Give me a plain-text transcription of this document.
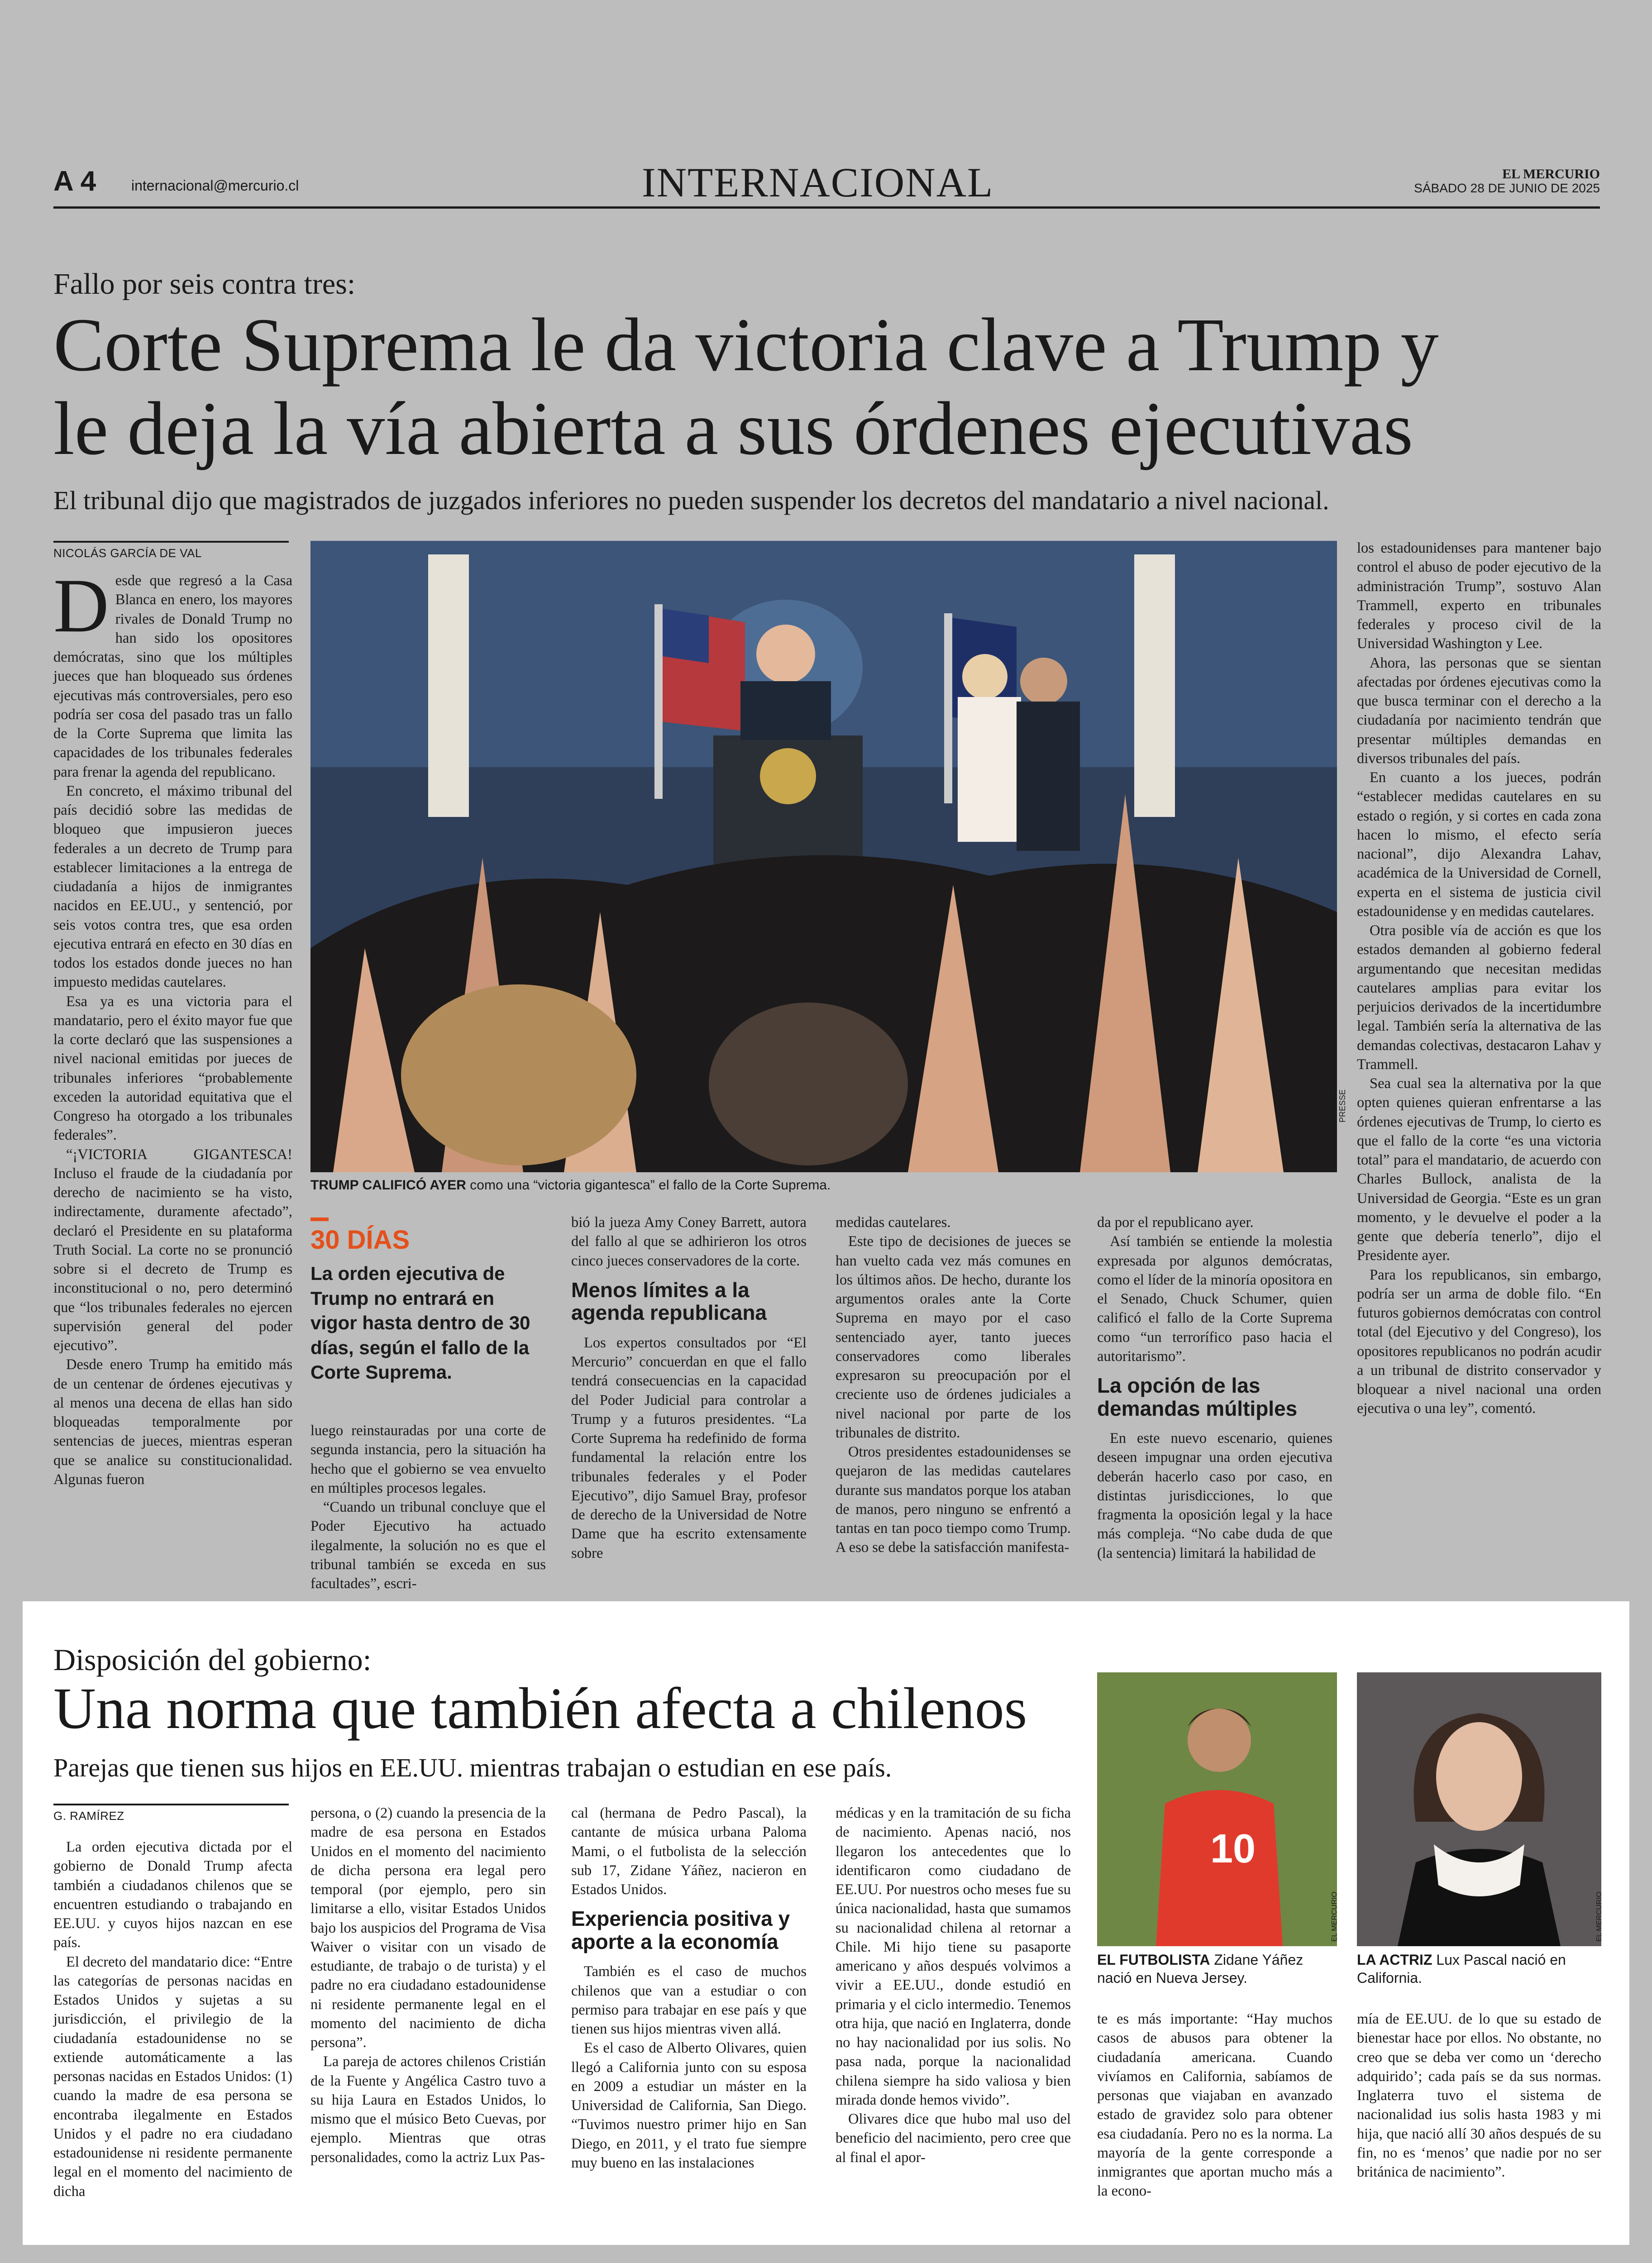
A 4 internacional@mercurio.cl	INTERNACIONAL	EL MERCURIO
SÁBADO 28 DE JUNIO DE 2025
Fallo por seis contra tres:
Corte Suprema le da victoria clave a Trump y
le deja la vía abierta a sus órdenes ejecutivas
El tribunal dijo que magistrados de juzgados inferiores no pueden suspender los decretos del mandatario a nivel nacional.
NICOLÁS GARCÍA DE VAL
FRANCE PRESSE
TRUMP CALIFICÓ AYER como una “victoria gigantesca” el fallo de la Corte Suprema.

Desde que regresó a la Casa Blanca en enero, los mayores rivales de Donald Trump no han sido los opositores demócratas, sino que los múltiples jueces que han bloqueado sus órdenes ejecutivas más controversiales, pero eso podría ser cosa del pasado tras un fallo de la Corte Suprema que limita las capacidades de los tribunales federales para frenar la agenda del republicano.

En concreto, el máximo tribunal del país decidió sobre las medidas de bloqueo que impusieron jueces federales a un decreto de Trump para establecer limitaciones a la entrega de ciudadanía a hijos de inmigrantes nacidos en EE.UU., y sentenció, por seis votos contra tres, que esa orden ejecutiva entrará en efecto en 30 días en todos los estados donde jueces no han impuesto medidas cautelares.

Esa ya es una victoria para el mandatario, pero el éxito mayor fue que la corte declaró que las suspensiones a nivel nacional emitidas por jueces de tribunales inferiores “probablemente exceden la autoridad equitativa que el Congreso ha otorgado a los tribunales federales”.

“¡VICTORIA GIGANTESCA! Incluso el fraude de la ciudadanía por derecho de nacimiento se ha visto, indirectamente, duramente afectado”, declaró el Presidente en su plataforma Truth Social. La corte no se pronunció sobre si el decreto de Trump es inconstitucional o no, pero determinó que “los tribunales federales no ejercen supervisión general del poder ejecutivo”.

Desde enero Trump ha emitido más de un centenar de órdenes ejecutivas y al menos una decena de ellas han sido bloqueadas temporalmente por sentencias de jueces, mientras esperan que se analice su constitucionalidad. Algunas fueron

30 DÍAS
La orden ejecutiva de Trump no entrará en vigor hasta dentro de 30 días, según el fallo de la Corte Suprema.

luego reinstauradas por una corte de segunda instancia, pero la situación ha hecho que el gobierno se vea envuelto en múltiples procesos legales.

“Cuando un tribunal concluye que el Poder Ejecutivo ha actuado ilegalmente, la solución no es que el tribunal también se exceda en sus facultades”, escri-

bió la jueza Amy Coney Barrett, autora del fallo al que se adhirieron los otros cinco jueces conservadores de la corte.

Menos límites a la agenda republicana

Los expertos consultados por “El Mercurio” concuerdan en que el fallo tendrá consecuencias en la capacidad del Poder Judicial para controlar a Trump y a futuros presidentes. “La Corte Suprema ha redefinido de forma fundamental la relación entre los tribunales federales y el Poder Ejecutivo”, dijo Samuel Bray, profesor de derecho de la Universidad de Notre Dame que ha escrito extensamente sobre

medidas cautelares.

Este tipo de decisiones de jueces se han vuelto cada vez más comunes en los últimos años. De hecho, durante los argumentos orales ante la Corte Suprema en mayo por el caso sentenciado ayer, tanto jueces conservadores como liberales expresaron su preocupación por el creciente uso de órdenes judiciales a nivel nacional por parte de los tribunales de distrito.

Otros presidentes estadounidenses se quejaron de las medidas cautelares durante sus mandatos porque los ataban de manos, pero ninguno se enfrentó a tantas en tan poco tiempo como Trump. A eso se debe la satisfacción manifesta-

da por el republicano ayer.

Así también se entiende la molestia expresada por algunos demócratas, como el líder de la minoría opositora en el Senado, Chuck Schumer, quien calificó el fallo de la Corte Suprema como “un terrorífico paso hacia el autoritarismo”.

La opción de las demandas múltiples

En este nuevo escenario, quienes deseen impugnar una orden ejecutiva deberán hacerlo caso por caso, en distintas jurisdicciones, lo que fragmenta la oposición legal y la hace más compleja. “No cabe duda de que (la sentencia) limitará la habilidad de

los estadounidenses para mantener bajo control el abuso de poder ejecutivo de la administración Trump”, sostuvo Alan Trammell, experto en tribunales federales y proceso civil de la Universidad Washington y Lee.

Ahora, las personas que se sientan afectadas por órdenes ejecutivas como la que busca terminar con el derecho a la ciudadanía por nacimiento tendrán que presentar múltiples demandas en diversos tribunales del país.

En cuanto a los jueces, podrán “establecer medidas cautelares en su estado o región, y si cortes en cada zona hacen lo mismo, el efecto sería nacional”, dijo Alexandra Lahav, académica de la Universidad de Cornell, experta en el sistema de justicia civil estadounidense y en medidas cautelares.

Otra posible vía de acción es que los estados demanden al gobierno federal argumentando que necesitan medidas cautelares amplias para evitar los perjuicios derivados de la incertidumbre legal. También sería la alternativa de las demandas colectivas, destacaron Lahav y Trammell.

Sea cual sea la alternativa por la que opten quienes quieran enfrentarse a las órdenes ejecutivas de Trump, lo cierto es que el fallo de la corte “es una victoria total” para el mandatario, de acuerdo con Charles Bullock, analista de la Universidad de Georgia. “Este es un gran momento, y le devuelve el poder a la gente que debería tenerlo”, dijo el Presidente ayer.

Para los republicanos, sin embargo, podría ser un arma de doble filo. “En futuros gobiernos demócratas con control total (del Ejecutivo y del Congreso), los opositores republicanos no podrán acudir a un tribunal de distrito conservador y bloquear a nivel nacional una orden ejecutiva o una ley”, comentó.

Disposición del gobierno:
Una norma que también afecta a chilenos
Parejas que tienen sus hijos en EE.UU. mientras trabajan o estudian en ese país.
G. RAMÍREZ

La orden ejecutiva dictada por el gobierno de Donald Trump afecta también a ciudadanos chilenos que se encuentren estudiando o trabajando en EE.UU. y cuyos hijos nazcan en ese país.

El decreto del mandatario dice: “Entre las categorías de personas nacidas en Estados Unidos y sujetas a su jurisdicción, el privilegio de la ciudadanía estadounidense no se extiende automáticamente a las personas nacidas en Estados Unidos: (1) cuando la madre de esa persona se encontraba ilegalmente en Estados Unidos y el padre no era ciudadano estadounidense ni residente permanente legal en el momento del nacimiento de dicha

persona, o (2) cuando la presencia de la madre de esa persona en Estados Unidos en el momento del nacimiento de dicha persona era legal pero temporal (por ejemplo, pero sin limitarse a ello, visitar Estados Unidos bajo los auspicios del Programa de Visa Waiver o visitar con un visado de estudiante, de trabajo o de turista) y el padre no era ciudadano estadounidense ni residente permanente legal en el momento del nacimiento de dicha persona”.

La pareja de actores chilenos Cristián de la Fuente y Angélica Castro tuvo a su hija Laura en Estados Unidos, lo mismo que el músico Beto Cuevas, por ejemplo. Mientras que otras personalidades, como la actriz Lux Pas-

cal (hermana de Pedro Pascal), la cantante de música urbana Paloma Mami, o el futbolista de la selección sub 17, Zidane Yáñez, nacieron en Estados Unidos.

Experiencia positiva y aporte a la economía

También es el caso de muchos chilenos que van a estudiar o con permiso para trabajar en ese país y que tienen sus hijos mientras viven allá.

Es el caso de Alberto Olivares, quien llegó a California junto con su esposa en 2009 a estudiar un máster en la Universidad de California, San Diego. “Tuvimos nuestro primer hijo en San Diego, en 2011, y el trato fue siempre muy bueno en las instalaciones

médicas y en la tramitación de su ficha de nacimiento. Apenas nació, nos llegaron los antecedentes que lo identificaron como ciudadano de EE.UU. Por nuestros ocho meses fue su única nacionalidad, hasta que sumamos su nacionalidad chilena al retornar a Chile. Mi hijo tiene su pasaporte americano y años después volvimos a vivir a EE.UU., donde estudió en primaria y el ciclo intermedio. Tenemos otra hija, que nació en Inglaterra, donde no hay nacionalidad por ius solis. No pasa nada, porque la nacionalidad chilena siempre ha sido valiosa y bien mirada donde hemos vivido”.

Olivares dice que hubo mal uso del beneficio del nacimiento, pero cree que al final el apor-

10
EL MERCURIO
EL FUTBOLISTA Zidane Yáñez nació en Nueva Jersey.

te es más importante: “Hay muchos casos de abusos para obtener la ciudadanía americana. Cuando vivíamos en California, sabíamos de personas que viajaban en avanzado estado de gravidez solo para obtener esa ciudadanía. Pero no es la norma. La mayoría de la gente corresponde a inmigrantes que aportan mucho más a la econo-

EL MERCURIO
LA ACTRIZ Lux Pascal nació en California.

mía de EE.UU. de lo que su estado de bienestar hace por ellos. No obstante, no creo que se deba ver como un ‘derecho adquirido’; cada país se da sus normas. Inglaterra tuvo el sistema de nacionalidad ius solis hasta 1983 y mi hija, que nació allí 30 años después de su fin, no es ‘menos’ que nadie por no ser británica de nacimiento”.
